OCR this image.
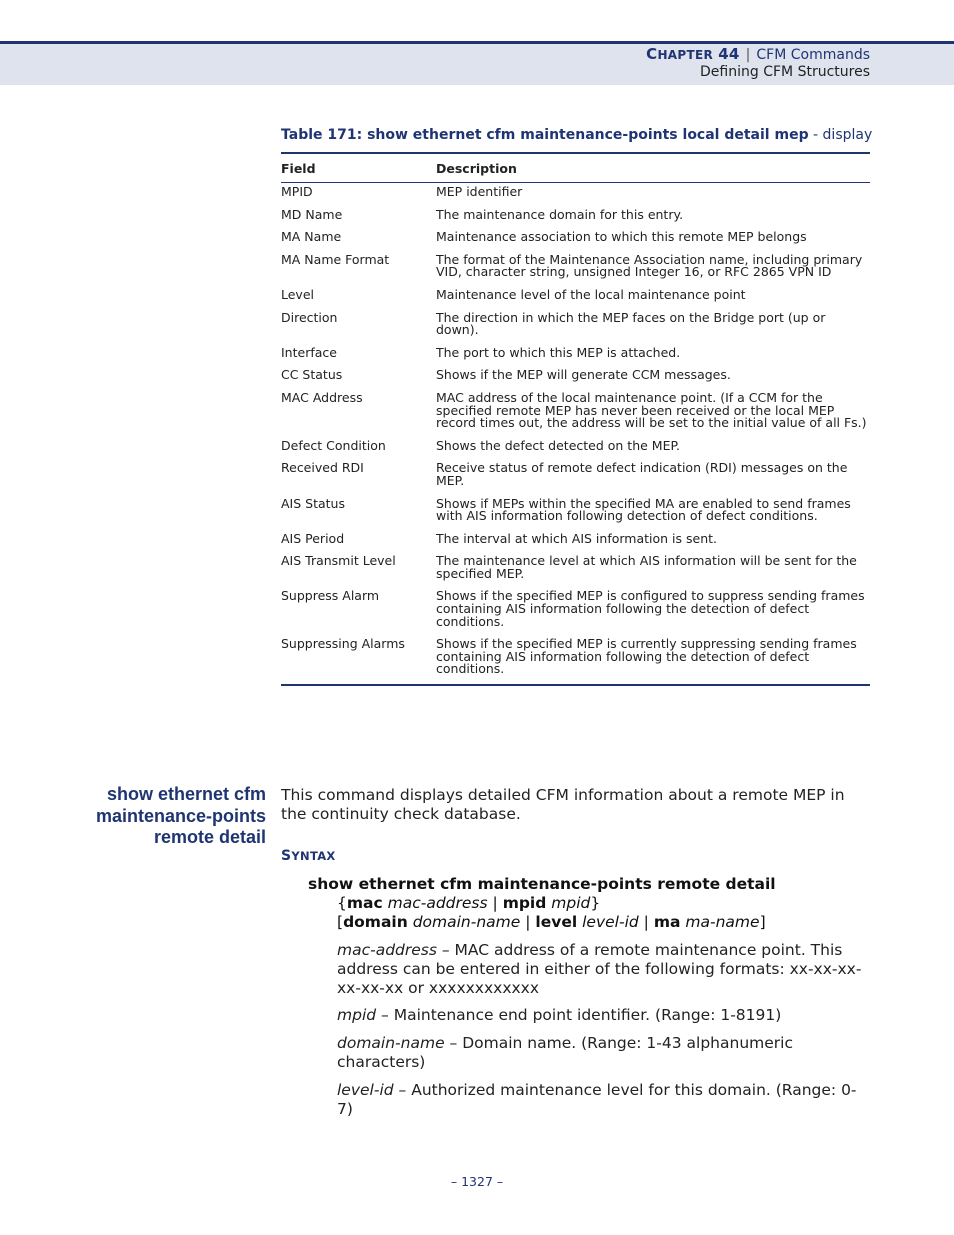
CHAPTER 44 | CFM Commands
Defining CFM Structures
Table 171: show ethernet cfm maintenance-points local detail mep - display
Field	Description
MPID	MEP identifier
MD Name	The maintenance domain for this entry.
MA Name	Maintenance association to which this remote MEP belongs
MA Name Format	The format of the Maintenance Association name, including primary VID, character string, unsigned Integer 16, or RFC 2865 VPN ID
Level	Maintenance level of the local maintenance point
Direction	The direction in which the MEP faces on the Bridge port (up or down).
Interface	The port to which this MEP is attached.
CC Status	Shows if the MEP will generate CCM messages.
MAC Address	MAC address of the local maintenance point. (If a CCM for the specified remote MEP has never been received or the local MEP record times out, the address will be set to the initial value of all Fs.)
Defect Condition	Shows the defect detected on the MEP.
Received RDI	Receive status of remote defect indication (RDI) messages on the MEP.
AIS Status	Shows if MEPs within the specified MA are enabled to send frames with AIS information following detection of defect conditions.
AIS Period	The interval at which AIS information is sent.
AIS Transmit Level	The maintenance level at which AIS information will be sent for the specified MEP.
Suppress Alarm	Shows if the specified MEP is configured to suppress sending frames containing AIS information following the detection of defect conditions.
Suppressing Alarms	Shows if the specified MEP is currently suppressing sending frames containing AIS information following the detection of defect conditions.
show ethernet cfm
maintenance-points
remote detail
This command displays detailed CFM information about a remote MEP in the continuity check database.
SYNTAX
show ethernet cfm maintenance-points remote detail
{mac mac-address | mpid mpid}
[domain domain-name | level level-id | ma ma-name]

mac-address – MAC address of a remote maintenance point. This address can be entered in either of the following formats: xx-xx-xx-xx-xx-xx or xxxxxxxxxxxx

mpid – Maintenance end point identifier. (Range: 1-8191)

domain-name – Domain name. (Range: 1-43 alphanumeric characters)

level-id – Authorized maintenance level for this domain. (Range: 0-7)

– 1327 –
